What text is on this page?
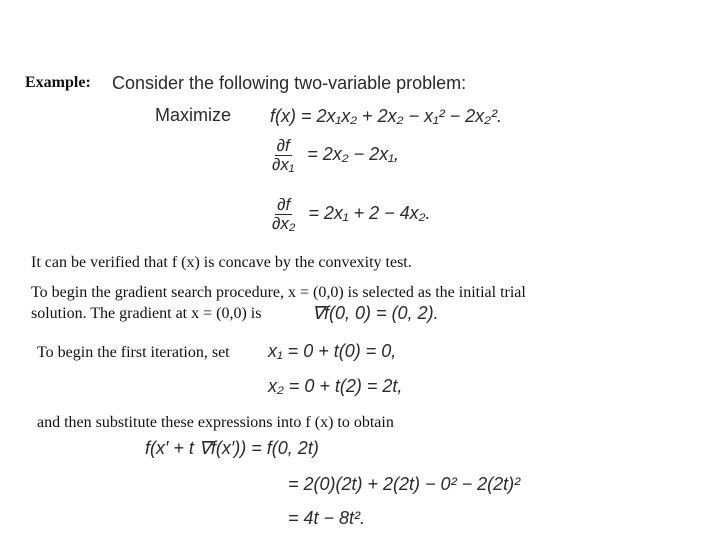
Example: Consider the following two-variable problem:
Maximize f(x) = 2x₁x₂ + 2x₂ − x₁² − 2x₂².
$\frac{\partial f}{\text{∂x₁}} = 2x_2 - 2x_1$,
$\frac{\partial f}{\text{∂x₂}} = 2x_1 + 2 - 4x_2$.
It can be verified that f (x) is concave by the convexity test.
To begin the gradient search procedure, x = (0,0) is selected as the initial trial
solution. The gradient at x = (0,0) is	∇f(0, 0) = (0, 2).
To begin the first iteration, set x₁ = 0 + t(0) = 0,
x₂ = 0 + t(2) = 2t,
and then substitute these expressions into f (x) to obtain
f(x′ + t ∇f(x′)) = f(0, 2t)
= 2(0)(2t) + 2(2t) − 0² − 2(2t)²
= 4t − 8t².
